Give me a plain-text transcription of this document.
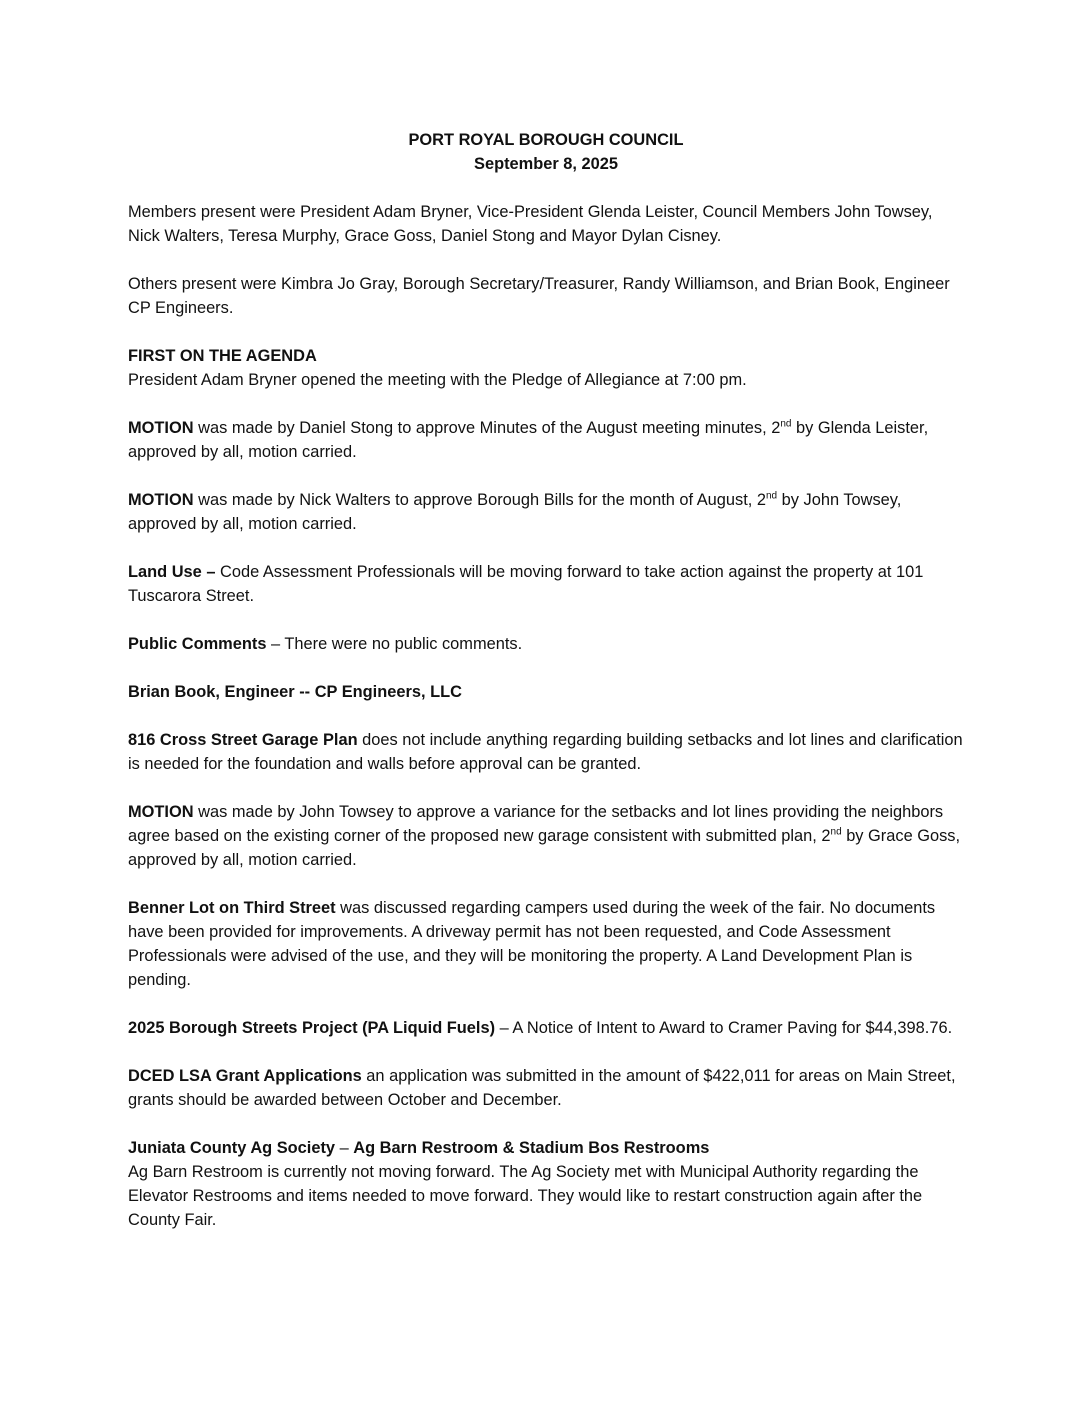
PORT ROYAL BOROUGH COUNCIL
September 8, 2025

Members present were President Adam Bryner, Vice-President Glenda Leister, Council Members John Towsey, Nick Walters, Teresa Murphy, Grace Goss, Daniel Stong and Mayor Dylan Cisney.

Others present were Kimbra Jo Gray, Borough Secretary/Treasurer, Randy Williamson, and Brian Book, Engineer CP Engineers.

FIRST ON THE AGENDA

President Adam Bryner opened the meeting with the Pledge of Allegiance at 7:00 pm.

MOTION was made by Daniel Stong to approve Minutes of the August meeting minutes, 2nd by Glenda Leister, approved by all, motion carried.

MOTION was made by Nick Walters to approve Borough Bills for the month of August, 2nd by John Towsey, approved by all, motion carried.

Land Use – Code Assessment Professionals will be moving forward to take action against the property at 101 Tuscarora Street.

Public Comments – There were no public comments.

Brian Book, Engineer -- CP Engineers, LLC

816 Cross Street Garage Plan does not include anything regarding building setbacks and lot lines and clarification is needed for the foundation and walls before approval can be granted.

MOTION was made by John Towsey to approve a variance for the setbacks and lot lines providing the neighbors agree based on the existing corner of the proposed new garage consistent with submitted plan, 2nd by Grace Goss, approved by all, motion carried.

Benner Lot on Third Street was discussed regarding campers used during the week of the fair. No documents have been provided for improvements. A driveway permit has not been requested, and Code Assessment Professionals were advised of the use, and they will be monitoring the property. A Land Development Plan is pending.

2025 Borough Streets Project (PA Liquid Fuels) – A Notice of Intent to Award to Cramer Paving for $44,398.76.

DCED LSA Grant Applications an application was submitted in the amount of $422,011 for areas on Main Street, grants should be awarded between October and December.

Juniata County Ag Society – Ag Barn Restroom & Stadium Bos Restrooms

Ag Barn Restroom is currently not moving forward. The Ag Society met with Municipal Authority regarding the Elevator Restrooms and items needed to move forward. They would like to restart construction again after the County Fair.
